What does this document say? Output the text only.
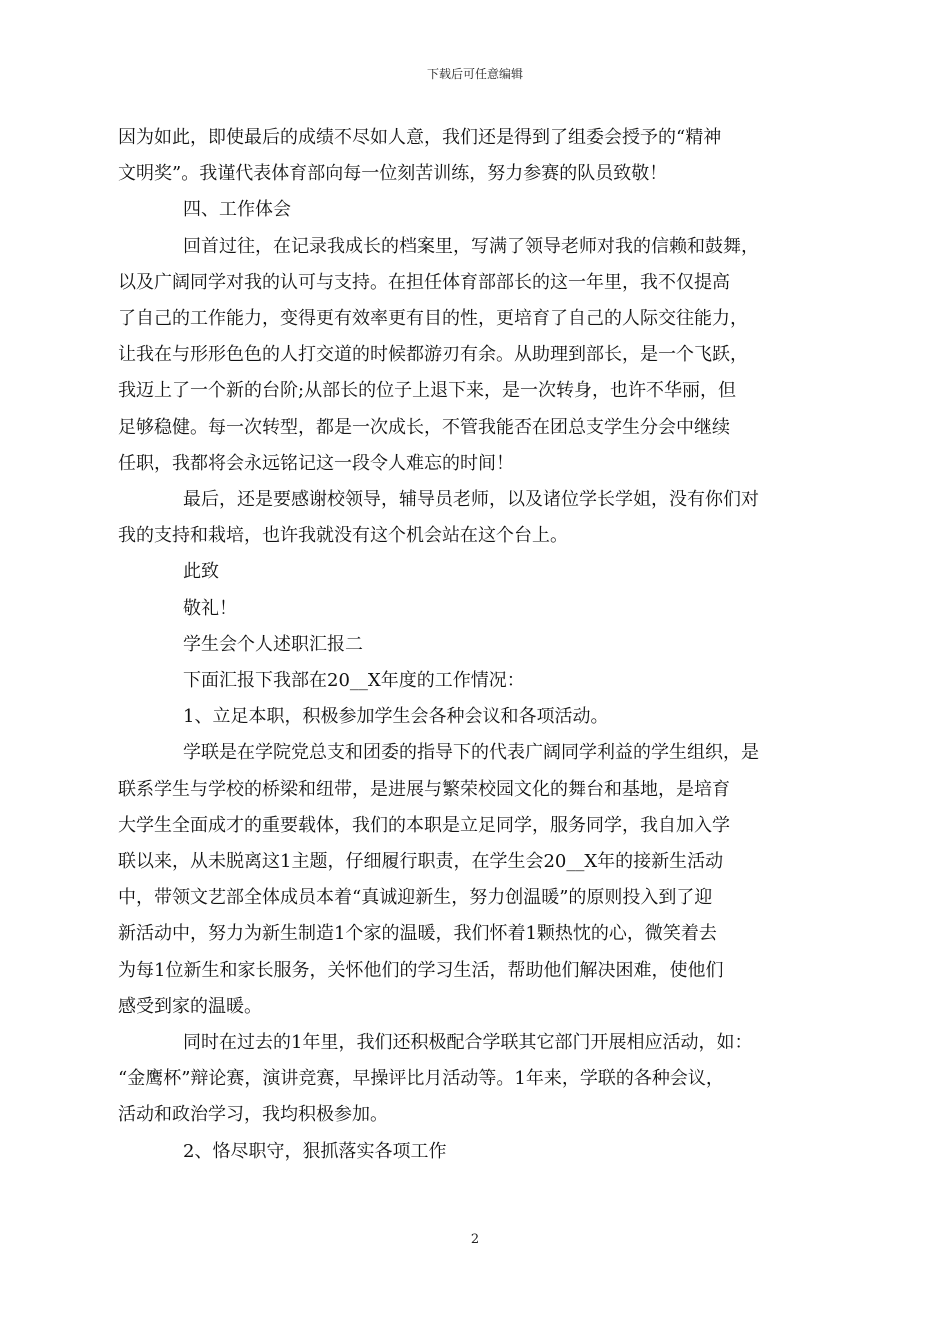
下载后可任意编辑

因为如此，即使最后的成绩不尽如人意，我们还是得到了组委会授予的“精神

文明奖”。我谨代表体育部向每一位刻苦训练，努力参赛的队员致敬！

四、工作体会

回首过往，在记录我成长的档案里，写满了领导老师对我的信赖和鼓舞，

以及广阔同学对我的认可与支持。在担任体育部部长的这一年里，我不仅提高

了自己的工作能力，变得更有效率更有目的性，更培育了自己的人际交往能力，

让我在与形形色色的人打交道的时候都游刃有余。从助理到部长，是一个飞跃，

我迈上了一个新的台阶;从部长的位子上退下来，是一次转身，也许不华丽，但

足够稳健。每一次转型，都是一次成长，不管我能否在团总支学生分会中继续

任职，我都将会永远铭记这一段令人难忘的时间！

最后，还是要感谢校领导，辅导员老师，以及诸位学长学姐，没有你们对

我的支持和栽培，也许我就没有这个机会站在这个台上。

此致

敬礼！

学生会个人述职汇报二

下面汇报下我部在20__X年度的工作情况：

1、立足本职，积极参加学生会各种会议和各项活动。

学联是在学院党总支和团委的指导下的代表广阔同学利益的学生组织，是

联系学生与学校的桥梁和纽带，是进展与繁荣校园文化的舞台和基地，是培育

大学生全面成才的重要载体，我们的本职是立足同学，服务同学，我自加入学

联以来，从未脱离这1主题，仔细履行职责，在学生会20__X年的接新生活动

中，带领文艺部全体成员本着“真诚迎新生，努力创温暖”的原则投入到了迎

新活动中，努力为新生制造1个家的温暖，我们怀着1颗热忱的心，微笑着去

为每1位新生和家长服务，关怀他们的学习生活，帮助他们解决困难，使他们

感受到家的温暖。

同时在过去的1年里，我们还积极配合学联其它部门开展相应活动，如：

“金鹰杯”辩论赛，演讲竞赛，早操评比月活动等。1年来，学联的各种会议，

活动和政治学习，我均积极参加。

2、恪尽职守，狠抓落实各项工作

2
